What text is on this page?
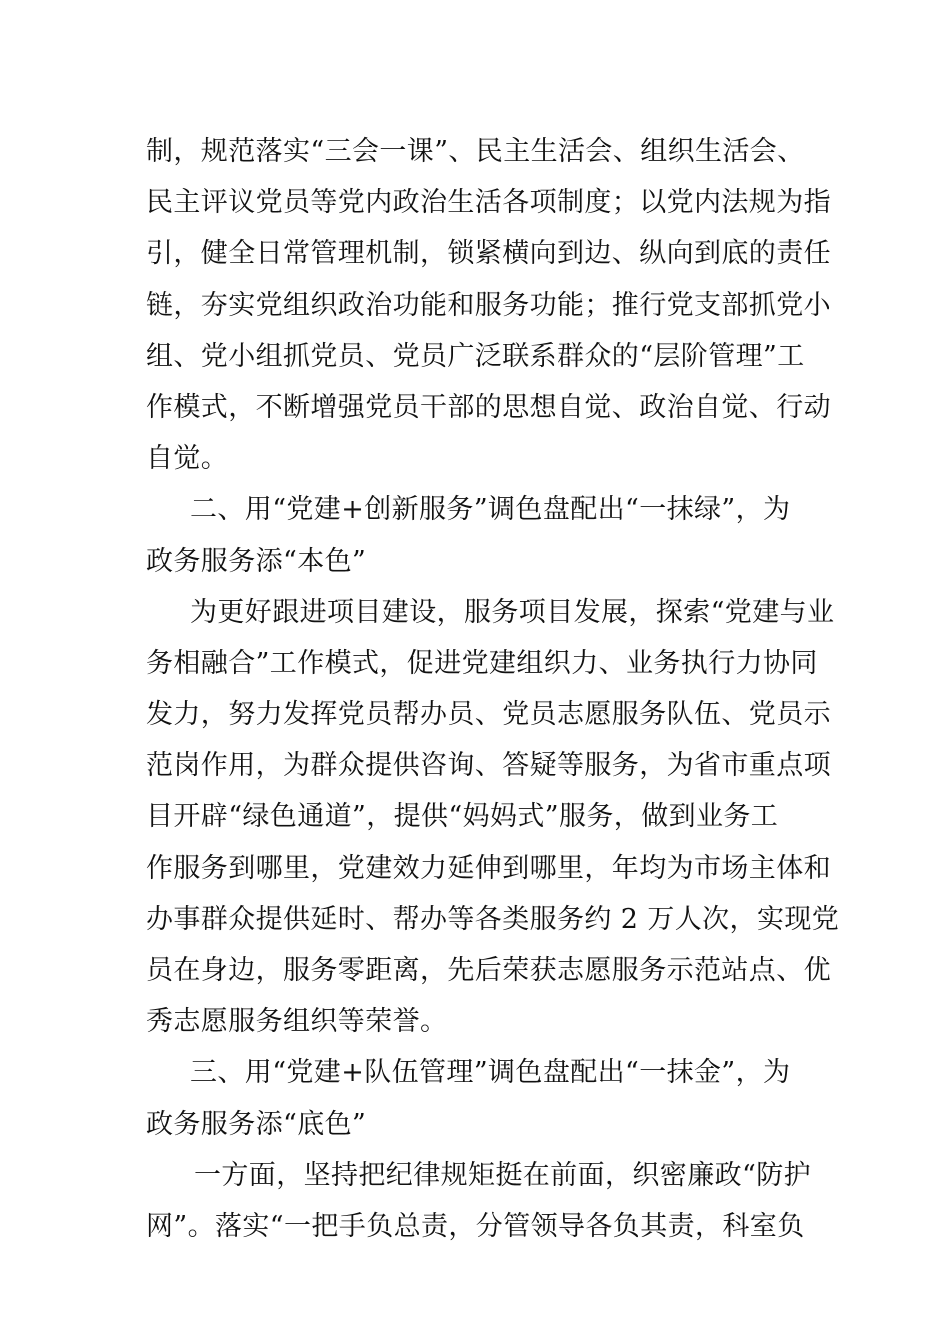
制，规范落实“三会一课”、民主生活会、组织生活会、
民主评议党员等党内政治生活各项制度；以党内法规为指
引，健全日常管理机制，锁紧横向到边、纵向到底的责任
链，夯实党组织政治功能和服务功能；推行党支部抓党小
组、党小组抓党员、党员广泛联系群众的“层阶管理”工
作模式，不断增强党员干部的思想自觉、政治自觉、行动
自觉。
二、用“党建+创新服务”调色盘配出“一抹绿”，为
政务服务添“本色”
为更好跟进项目建设，服务项目发展，探索“党建与业
务相融合”工作模式，促进党建组织力、业务执行力协同
发力，努力发挥党员帮办员、党员志愿服务队伍、党员示
范岗作用，为群众提供咨询、答疑等服务，为省市重点项
目开辟“绿色通道”，提供“妈妈式”服务，做到业务工
作服务到哪里，党建效力延伸到哪里，年均为市场主体和
办事群众提供延时、帮办等各类服务约 2 万人次，实现党
员在身边，服务零距离，先后荣获志愿服务示范站点、优
秀志愿服务组织等荣誉。
三、用“党建+队伍管理”调色盘配出“一抹金”，为
政务服务添“底色”
一方面，坚持把纪律规矩挺在前面，织密廉政“防护
网”。落实“一把手负总责，分管领导各负其责，科室负
